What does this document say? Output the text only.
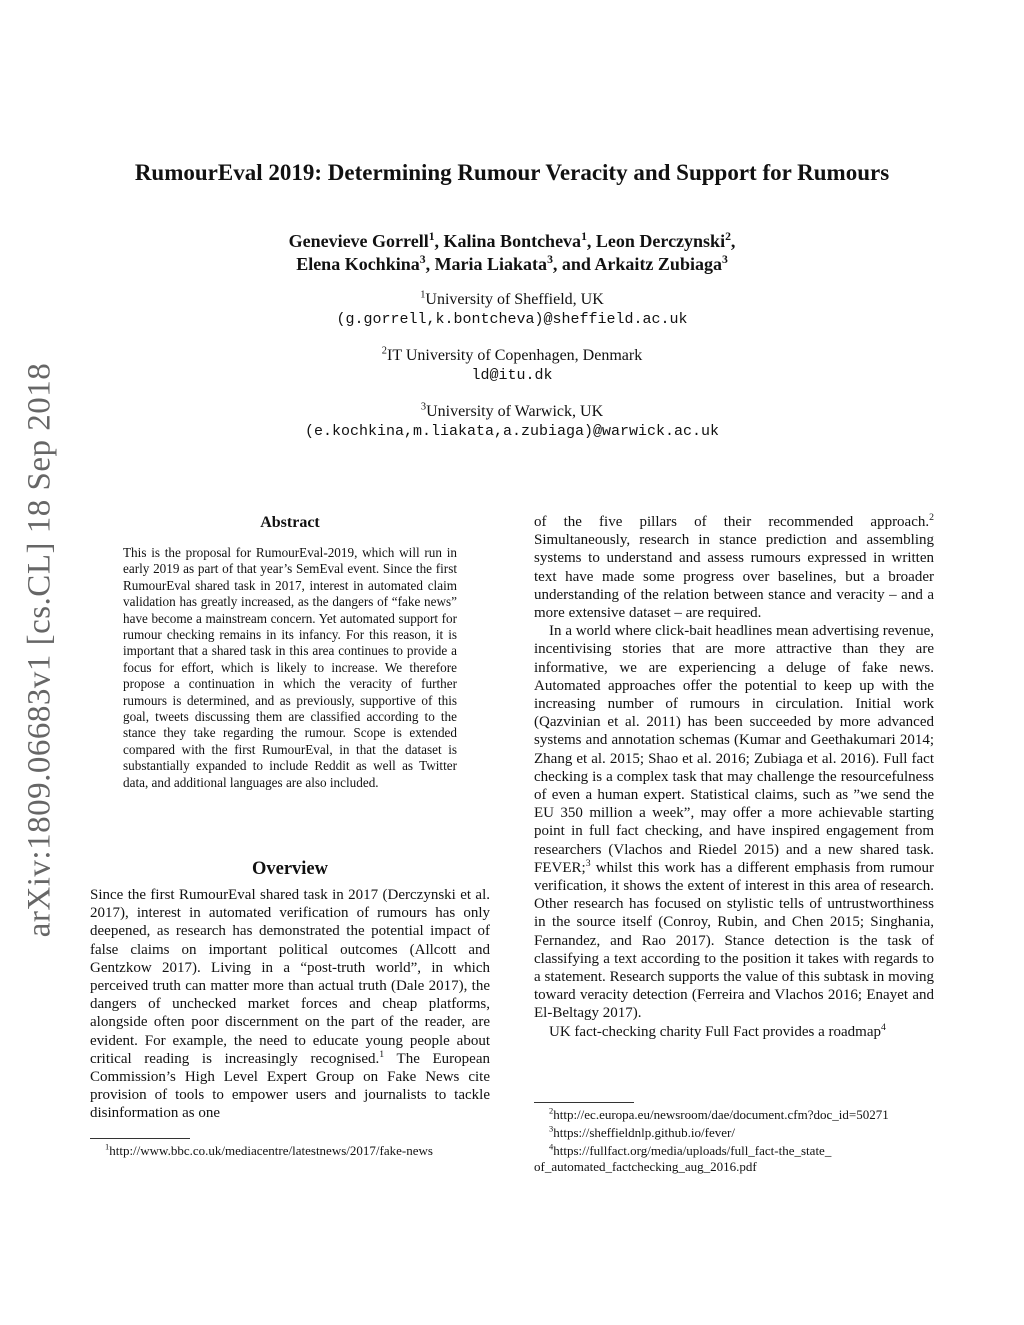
arXiv:1809.06683v1 [cs.CL] 18 Sep 2018
RumourEval 2019: Determining Rumour Veracity and Support for Rumours
Genevieve Gorrell$^1$, Kalina Bontcheva$^1$, Leon Derczynski$^2$,
Elena Kochkina$^3$, Maria Liakata$^3$, and Arkaitz Zubiaga$^3$
$^1$University of Sheffield, UK
(g.gorrell,k.bontcheva)@sheffield.ac.uk
$^2$IT University of Copenhagen, Denmark
ld@itu.dk
$^3$University of Warwick, UK
(e.kochkina,m.liakata,a.zubiaga)@warwick.ac.uk
Abstract

This is the proposal for RumourEval-2019, which will run in early 2019 as part of that year’s SemEval event. Since the first RumourEval shared task in 2017, interest in automated claim validation has greatly increased, as the dangers of “fake news” have become a mainstream concern. Yet automated support for rumour checking remains in its infancy. For this reason, it is important that a shared task in this area continues to provide a focus for effort, which is likely to increase. We therefore propose a continuation in which the veracity of further rumours is determined, and as previously, supportive of this goal, tweets discussing them are classified according to the stance they take regarding the rumour. Scope is extended compared with the first RumourEval, in that the dataset is substantially expanded to include Reddit as well as Twitter data, and additional languages are also included.

Overview

Since the first RumourEval shared task in 2017 (Derczynski et al. 2017), interest in automated verification of rumours has only deepened, as research has demonstrated the potential impact of false claims on important political outcomes (Allcott and Gentzkow 2017). Living in a “post-truth world”, in which perceived truth can matter more than actual truth (Dale 2017), the dangers of unchecked market forces and cheap platforms, alongside often poor discernment on the part of the reader, are evident. For example, the need to educate young people about critical reading is increasingly recognised.$^1$ The European Commission’s High Level Expert Group on Fake News cite provision of tools to empower users and journalists to tackle disinformation as one

$^1$http://www.bbc.co.uk/mediacentre/latestnews/2017/fake-news

of the five pillars of their recommended approach.$^2$ Simultaneously, research in stance prediction and assembling systems to understand and assess rumours expressed in written text have made some progress over baselines, but a broader understanding of the relation between stance and veracity – and a more extensive dataset – are required.

In a world where click-bait headlines mean advertising revenue, incentivising stories that are more attractive than they are informative, we are experiencing a deluge of fake news. Automated approaches offer the potential to keep up with the increasing number of rumours in circulation. Initial work (Qazvinian et al. 2011) has been succeeded by more advanced systems and annotation schemas (Kumar and Geethakumari 2014; Zhang et al. 2015; Shao et al. 2016; Zubiaga et al. 2016). Full fact checking is a complex task that may challenge the resourcefulness of even a human expert. Statistical claims, such as ”we send the EU 350 million a week”, may offer a more achievable starting point in full fact checking, and have inspired engagement from researchers (Vlachos and Riedel 2015) and a new shared task. FEVER;$^3$ whilst this work has a different emphasis from rumour verification, it shows the extent of interest in this area of research. Other research has focused on stylistic tells of untrustworthiness in the source itself (Conroy, Rubin, and Chen 2015; Singhania, Fernandez, and Rao 2017). Stance detection is the task of classifying a text according to the position it takes with regards to a statement. Research supports the value of this subtask in moving toward veracity detection (Ferreira and Vlachos 2016; Enayet and El-Beltagy 2017).

UK fact-checking charity Full Fact provides a roadmap$^4$

$^2$http://ec.europa.eu/newsroom/dae/document.cfm?doc_id=50271
$^3$https://sheffieldnlp.github.io/fever/
$^4$https://fullfact.org/media/uploads/full_fact-the_state_of_automated_factchecking_aug_2016.pdf
